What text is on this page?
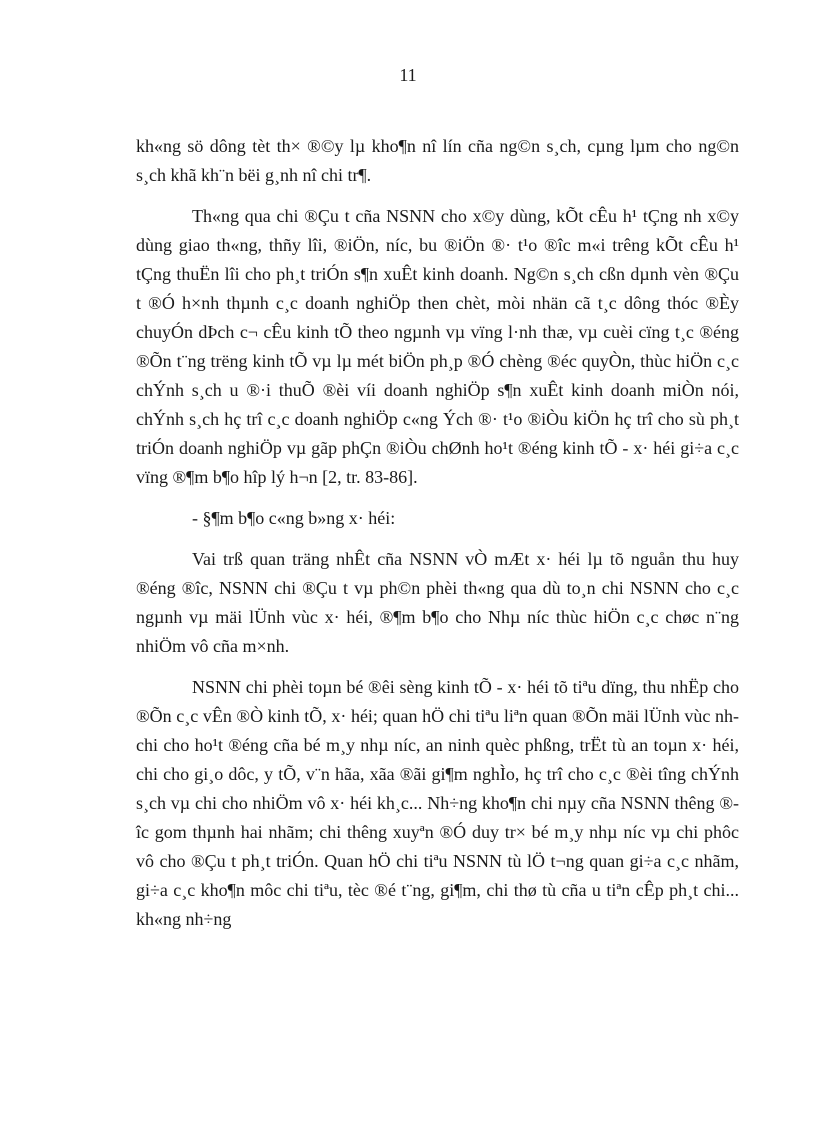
11

kh«ng sö dông tèt th× ®©y lµ kho¶n nî lín cña ng©n s¸ch, cµng lµm cho ng©n s¸ch khã kh¨n bëi g¸nh nî chi tr¶.

Th«ng qua chi ®Çu t cña NSNN cho x©y dùng, kÕt cÊu h¹ tÇng nh x©y dùng giao th«ng, thñy lîi, ®iÖn, níc, bu ®iÖn ®· t¹o ®îc m«i trêng kÕt cÊu h¹ tÇng thuËn lîi cho ph¸t triÓn s¶n xuÊt kinh doanh. Ng©n s¸ch cßn dµnh vèn ®Çu t ®Ó h×nh thµnh c¸c doanh nghiÖp then chèt, mòi nhän cã t¸c dông thóc ®Èy chuyÓn dÞch c¬ cÊu kinh tÕ theo ngµnh vµ vïng l·nh thæ, vµ cuèi cïng t¸c ®éng ®Õn t¨ng trëng kinh tÕ vµ lµ mét biÖn ph¸p ®Ó chèng ®éc quyÒn, thùc hiÖn c¸c chÝnh s¸ch u ®·i thuÕ ®èi víi doanh nghiÖp s¶n xuÊt kinh doanh miÒn nói, chÝnh s¸ch hç trî c¸c doanh nghiÖp c«ng Ých ®· t¹o ®iÒu kiÖn hç trî cho sù ph¸t triÓn doanh nghiÖp vµ gãp phÇn ®iÒu chØnh ho¹t ®éng kinh tÕ - x· héi gi÷a c¸c vïng ®¶m b¶o hîp lý h¬n [2, tr. 83-86].

- §¶m b¶o c«ng b»ng x· héi:

Vai trß quan träng nhÊt cña NSNN vÒ mÆt x· héi lµ tõ nguån thu huy ®éng ®îc, NSNN chi ®Çu t vµ ph©n phèi th«ng qua dù to¸n chi NSNN cho c¸c ngµnh vµ mäi lÜnh vùc x· héi, ®¶m b¶o cho Nhµ níc thùc hiÖn c¸c chøc n¨ng nhiÖm vô cña m×nh.

NSNN chi phèi toµn bé ®êi sèng kinh tÕ - x· héi tõ tiªu dïng, thu nhËp cho ®Õn c¸c vÊn ®Ò kinh tÕ, x· héi; quan hÖ chi tiªu liªn quan ®Õn mäi lÜnh vùc nh chi cho ho¹t ®éng cña bé m¸y nhµ níc, an ninh quèc phßng, trËt tù an toµn x· héi, chi cho gi¸o dôc, y tÕ, v¨n hãa, xãa ®ãi gi¶m nghÌo, hç trî cho c¸c ®èi tîng chÝnh s¸ch vµ chi cho nhiÖm vô x· héi kh¸c... Nh÷ng kho¶n chi nµy cña NSNN thêng ®îc gom thµnh hai nhãm; chi thêng xuyªn ®Ó duy tr× bé m¸y nhµ níc vµ chi phôc vô cho ®Çu t ph¸t triÓn. Quan hÖ chi tiªu NSNN tù lÖ t¬ng quan gi÷a c¸c nhãm, gi÷a c¸c kho¶n môc chi tiªu, tèc ®é t¨ng, gi¶m, chi thø tù cña u tiªn cÊp ph¸t chi... kh«ng nh÷ng
